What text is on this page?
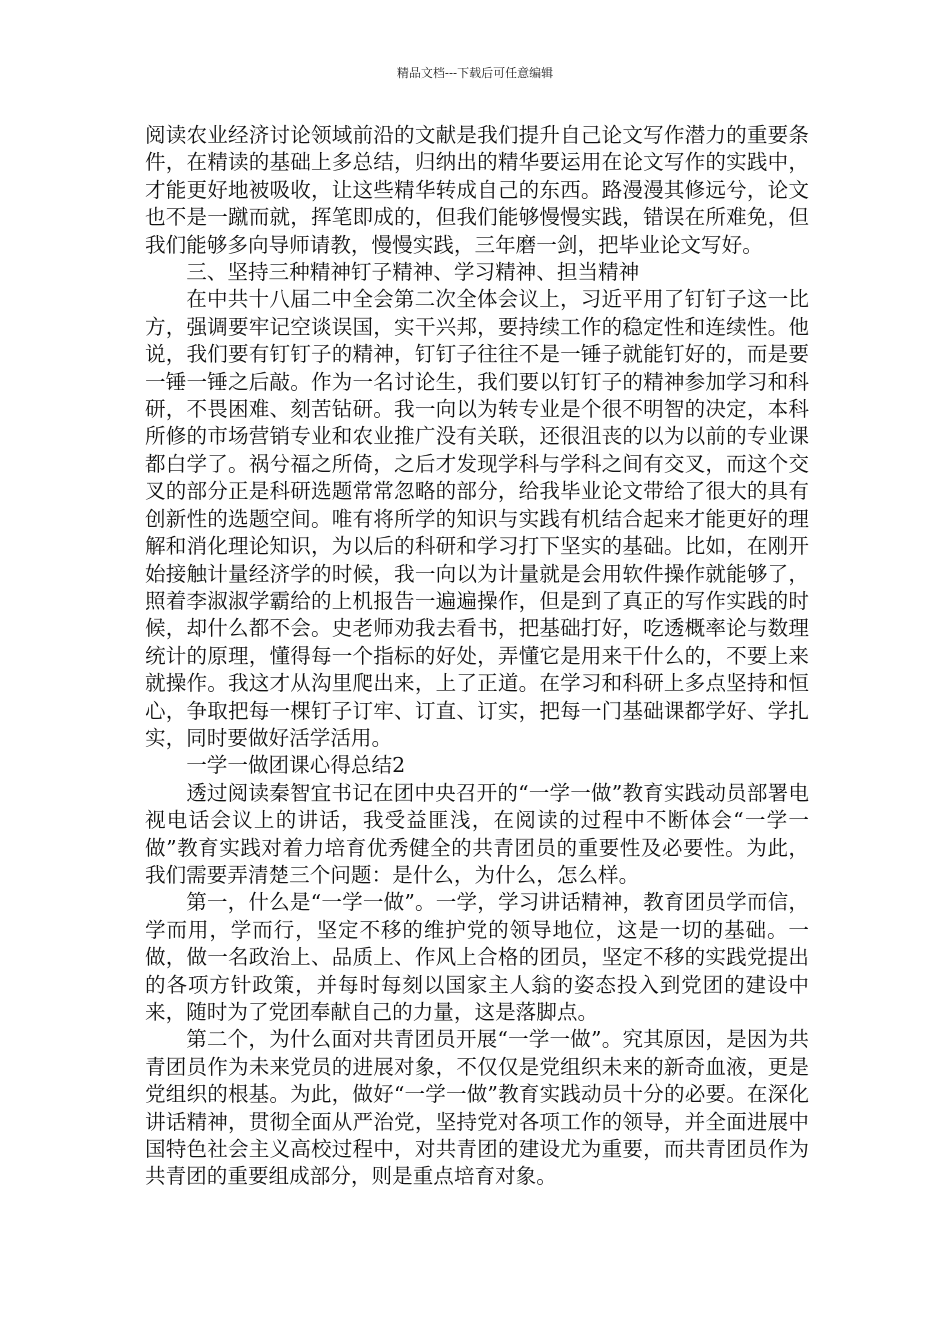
精品文档---下载后可任意编辑

阅读农业经济讨论领域前沿的文献是我们提升自己论文写作潜力的重要条件，在精读的基础上多总结，归纳出的精华要运用在论文写作的实践中，才能更好地被吸收，让这些精华转成自己的东西。路漫漫其修远兮，论文也不是一蹴而就，挥笔即成的，但我们能够慢慢实践，错误在所难免，但我们能够多向导师请教，慢慢实践，三年磨一剑，把毕业论文写好。

三、坚持三种精神钉子精神、学习精神、担当精神

在中共十八届二中全会第二次全体会议上，习近平用了钉钉子这一比方，强调要牢记空谈误国，实干兴邦，要持续工作的稳定性和连续性。他说，我们要有钉钉子的精神，钉钉子往往不是一锤子就能钉好的，而是要一锤一锤之后敲。作为一名讨论生，我们要以钉钉子的精神参加学习和科研，不畏困难、刻苦钻研。我一向以为转专业是个很不明智的决定，本科所修的市场营销专业和农业推广没有关联，还很沮丧的以为以前的专业课都白学了。祸兮福之所倚，之后才发现学科与学科之间有交叉，而这个交叉的部分正是科研选题常常忽略的部分，给我毕业论文带给了很大的具有创新性的选题空间。唯有将所学的知识与实践有机结合起来才能更好的理解和消化理论知识，为以后的科研和学习打下坚实的基础。比如，在刚开始接触计量经济学的时候，我一向以为计量就是会用软件操作就能够了，照着李淑淑学霸给的上机报告一遍遍操作，但是到了真正的写作实践的时候，却什么都不会。史老师劝我去看书，把基础打好，吃透概率论与数理统计的原理，懂得每一个指标的好处，弄懂它是用来干什么的，不要上来就操作。我这才从沟里爬出来，上了正道。在学习和科研上多点坚持和恒心，争取把每一棵钉子订牢、订直、订实，把每一门基础课都学好、学扎实，同时要做好活学活用。

一学一做团课心得总结2

透过阅读秦智宜书记在团中央召开的“一学一做”教育实践动员部署电视电话会议上的讲话，我受益匪浅，在阅读的过程中不断体会“一学一做”教育实践对着力培育优秀健全的共青团员的重要性及必要性。为此，我们需要弄清楚三个问题：是什么，为什么，怎么样。

第一，什么是“一学一做”。一学，学习讲话精神，教育团员学而信，学而用，学而行，坚定不移的维护党的领导地位，这是一切的基础。一做，做一名政治上、品质上、作风上合格的团员，坚定不移的实践党提出的各项方针政策，并每时每刻以国家主人翁的姿态投入到党团的建设中来，随时为了党团奉献自己的力量，这是落脚点。

第二个，为什么面对共青团员开展“一学一做”。究其原因，是因为共青团员作为未来党员的进展对象，不仅仅是党组织未来的新奇血液，更是党组织的根基。为此，做好“一学一做”教育实践动员十分的必要。在深化讲话精神，贯彻全面从严治党，坚持党对各项工作的领导，并全面进展中国特色社会主义高校过程中，对共青团的建设尤为重要，而共青团员作为共青团的重要组成部分，则是重点培育对象。
